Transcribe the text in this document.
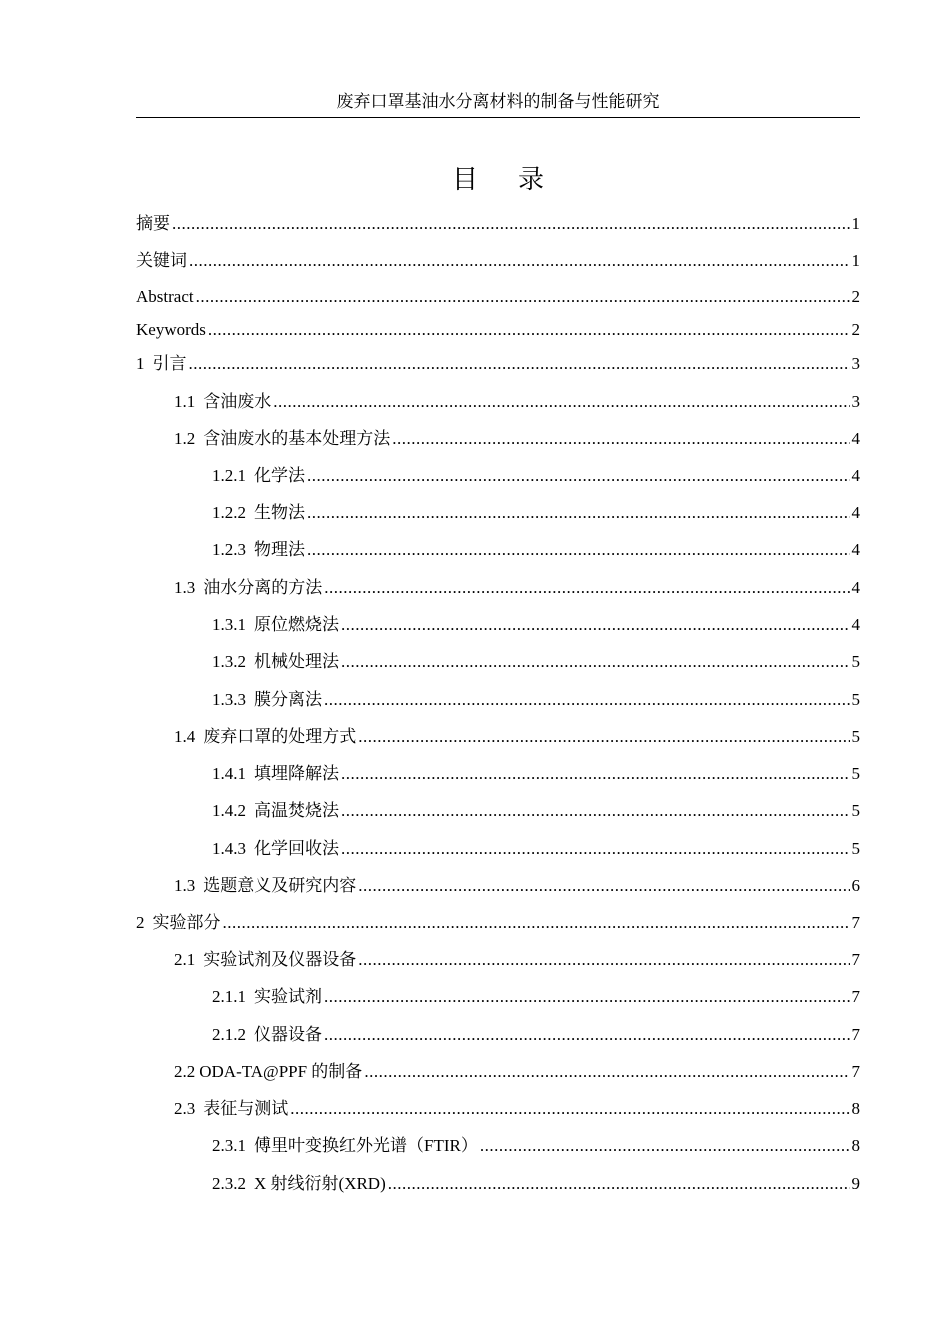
废弃口罩基油水分离材料的制备与性能研究
目录
摘要 .....	1
关键词 .....	1
Abstract .....	2
Keywords .....	2
1 引言 .....	3
1.1 含油废水 .....	3
1.2 含油废水的基本处理方法 .....	4
1.2.1 化学法 .....	4
1.2.2 生物法 .....	4
1.2.3 物理法 .....	4
1.3 油水分离的方法 .....	4
1.3.1 原位燃烧法 .....	4
1.3.2 机械处理法 .....	5
1.3.3 膜分离法 .....	5
1.4 废弃口罩的处理方式 .....	5
1.4.1 填埋降解法 .....	5
1.4.2 高温焚烧法 .....	5
1.4.3 化学回收法 .....	5
1.3 选题意义及研究内容 .....	6
2 实验部分 .....	7
2.1 实验试剂及仪器设备 .....	7
2.1.1 实验试剂 .....	7
2.1.2 仪器设备 .....	7
2.2 ODA-TA@PPF 的制备 .....	7
2.3 表征与测试 .....	8
2.3.1 傅里叶变换红外光谱（FTIR） .....	8
2.3.2 X 射线衍射(XRD) .....	9
